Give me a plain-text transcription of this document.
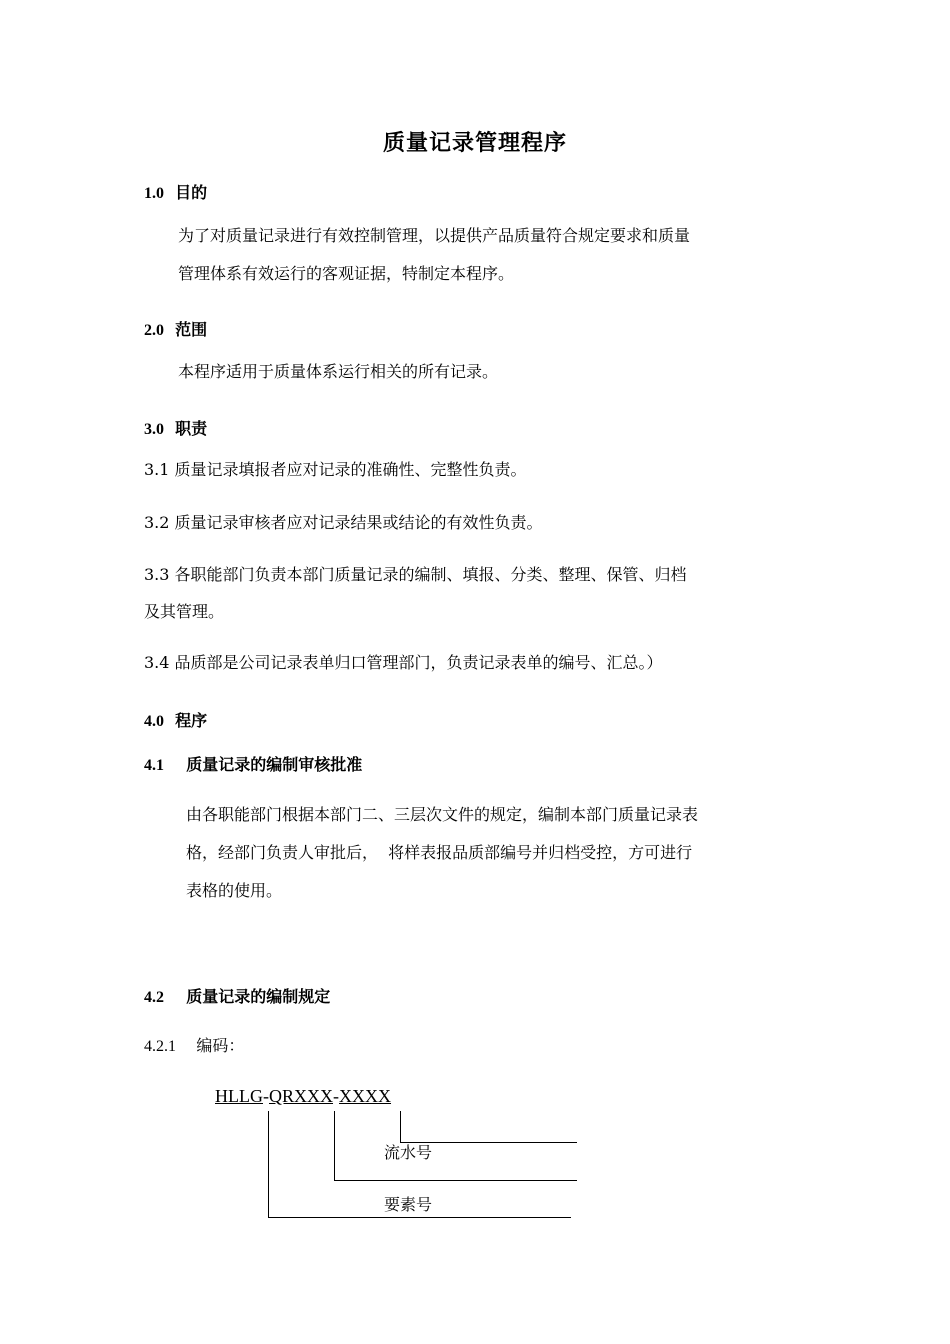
质量记录管理程序
1.0 目的
为了对质量记录进行有效控制管理，以提供产品质量符合规定要求和质量
管理体系有效运行的客观证据，特制定本程序。
2.0 范围
本程序适用于质量体系运行相关的所有记录。
3.0 职责
3.1 质量记录填报者应对记录的准确性、完整性负责。
3.2 质量记录审核者应对记录结果或结论的有效性负责。
3.3 各职能部门负责本部门质量记录的编制、填报、分类、整理、保管、归档
及其管理。
3.4 品质部是公司记录表单归口管理部门，负责记录表单的编号、汇总。）
4.0 程序
4.1 质量记录的编制审核批准
由各职能部门根据本部门二、三层次文件的规定，编制本部门质量记录表
格，经部门负责人审批后，  将样表报品质部编号并归档受控，方可进行
表格的使用。
4.2 质量记录的编制规定
4.2.1 编码：
HLLG-QRXXX-XXXX
流水号
要素号
